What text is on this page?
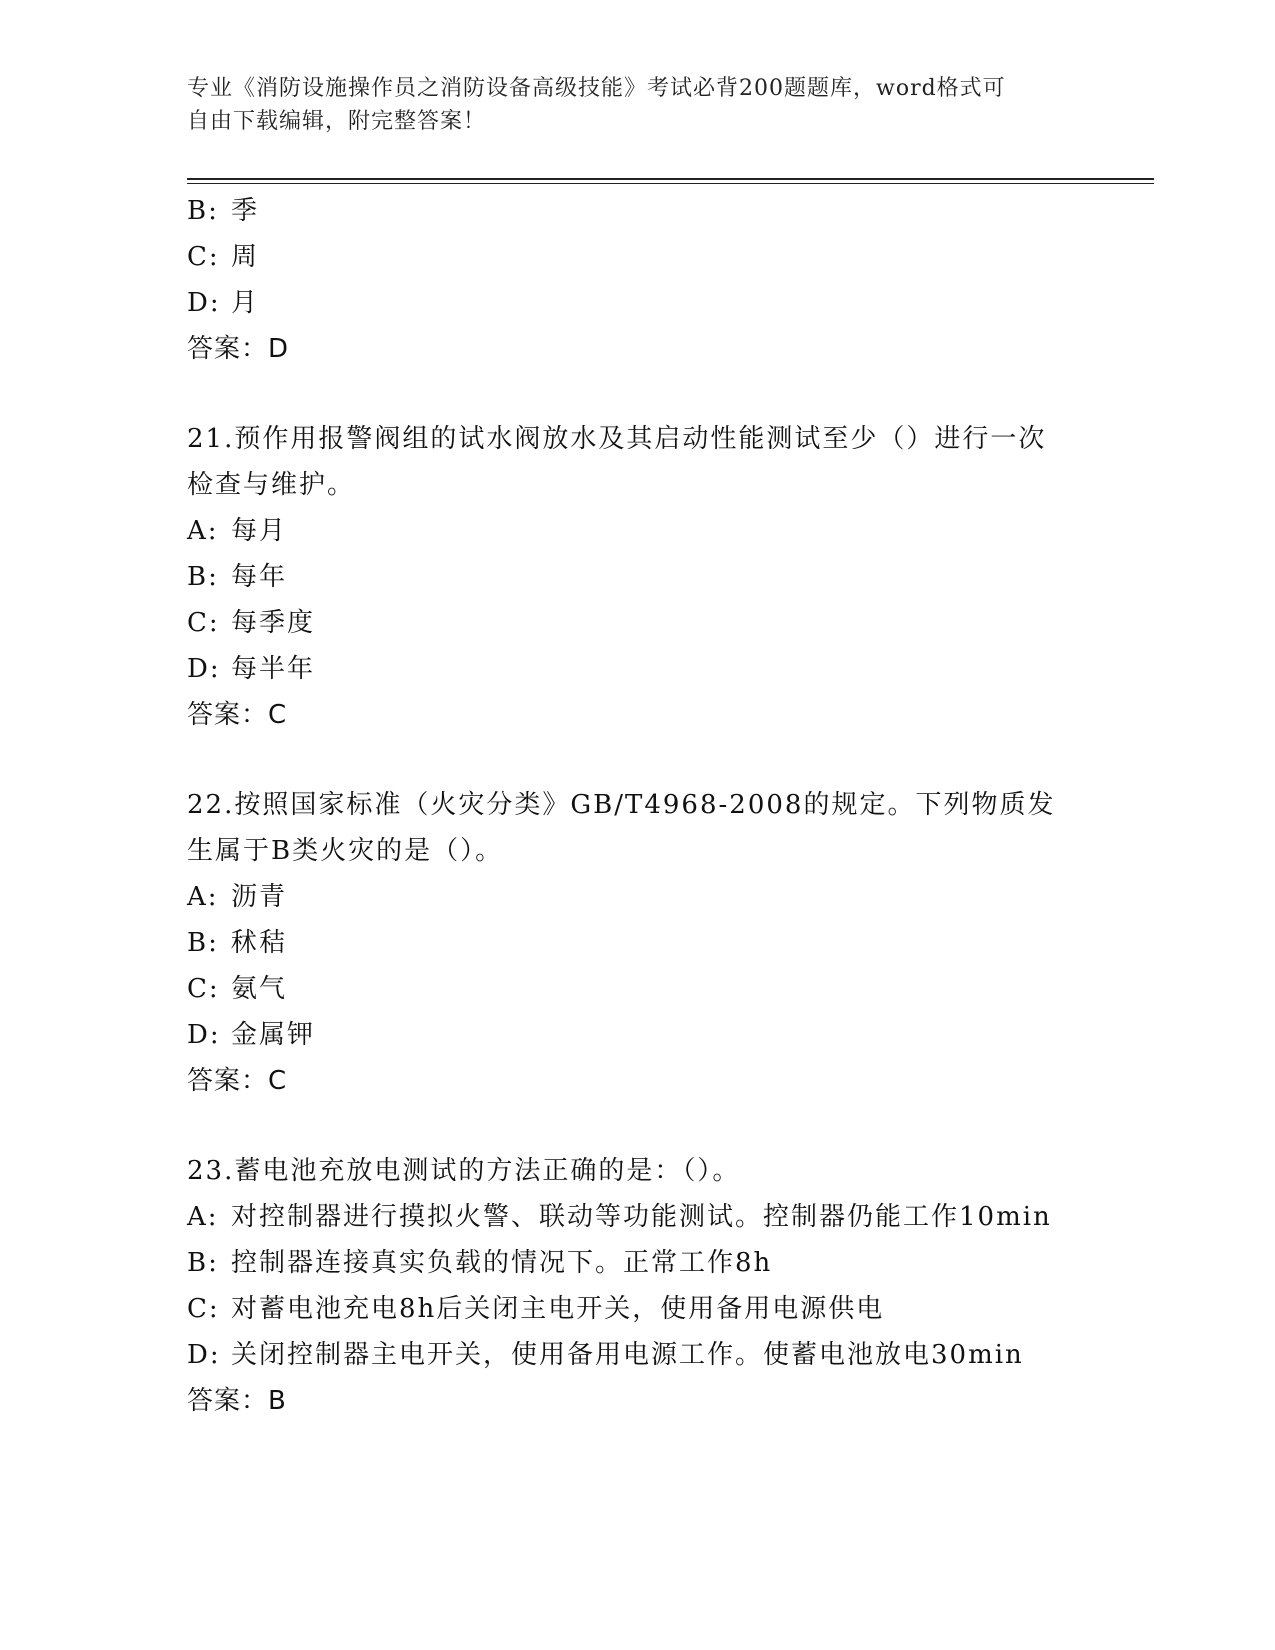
专业《消防设施操作员之消防设备高级技能》考试必背200题题库，word格式可
自由下载编辑，附完整答案！
B: 季
C: 周
D: 月
答案：D
21.预作用报警阀组的试水阀放水及其启动性能测试至少（）进行一次检查与维护。
A: 每月
B: 每年
C: 每季度
D: 每半年
答案：C
22.按照国家标准（火灾分类》GB/T4968-2008的规定。下列物质发生属于B类火灾的是（）。
A: 沥青
B: 秫秸
C: 氨气
D: 金属钾
答案：C
23.蓄电池充放电测试的方法正确的是：（）。
A: 对控制器进行摸拟火警、联动等功能测试。控制器仍能工作10min
B: 控制器连接真实负载的情况下。正常工作8h
C: 对蓄电池充电8h后关闭主电开关，使用备用电源供电
D: 关闭控制器主电开关，使用备用电源工作。使蓄电池放电30min
答案：B
